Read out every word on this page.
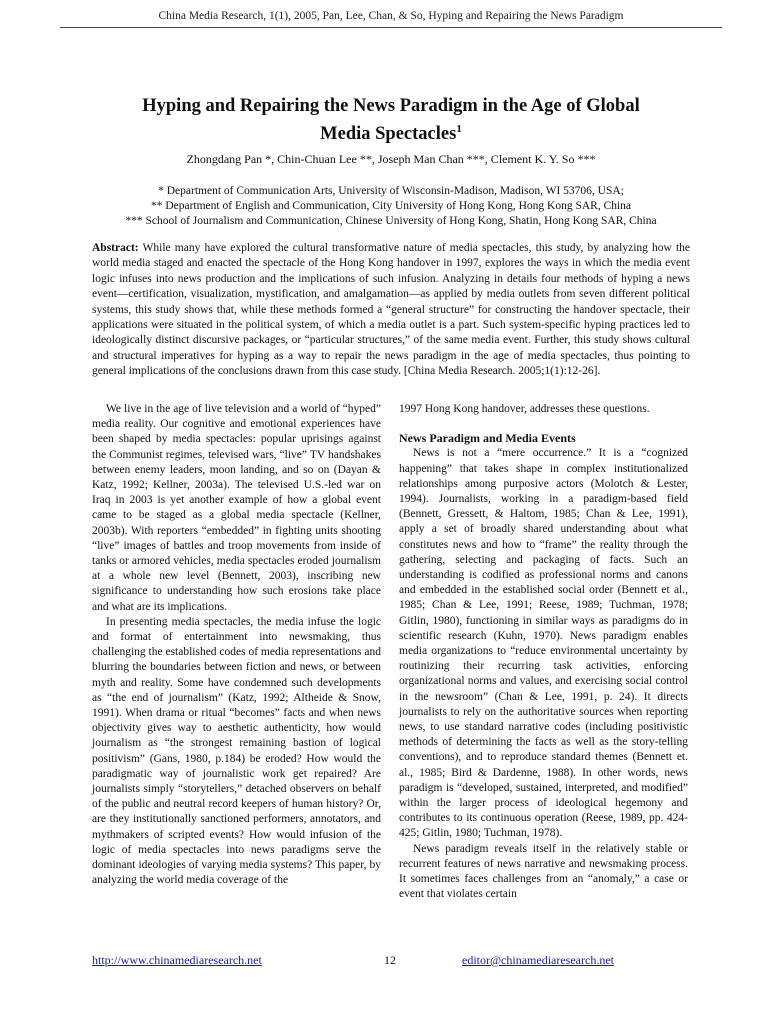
China Media Research, 1(1), 2005, Pan, Lee, Chan, & So, Hyping and Repairing the News Paradigm
Hyping and Repairing the News Paradigm in the Age of Global
Media Spectacles$^1$
Zhongdang Pan *, Chin-Chuan Lee **, Joseph Man Chan ***, Clement K. Y. So ***
* Department of Communication Arts, University of Wisconsin-Madison, Madison, WI 53706, USA;
** Department of English and Communication, City University of Hong Kong, Hong Kong SAR, China
*** School of Journalism and Communication, Chinese University of Hong Kong, Shatin, Hong Kong SAR, China
Abstract: While many have explored the cultural transformative nature of media spectacles, this study, by analyzing how the world media staged and enacted the spectacle of the Hong Kong handover in 1997, explores the ways in which the media event logic infuses into news production and the implications of such infusion. Analyzing in details four methods of hyping a news event—certification, visualization, mystification, and amalgamation—as applied by media outlets from seven different political systems, this study shows that, while these methods formed a “general structure” for constructing the handover spectacle, their applications were situated in the political system, of which a media outlet is a part. Such system-specific hyping practices led to ideologically distinct discursive packages, or “particular structures,” of the same media event. Further, this study shows cultural and structural imperatives for hyping as a way to repair the news paradigm in the age of media spectacles, thus pointing to general implications of the conclusions drawn from this case study. [China Media Research. 2005;1(1):12-26].

We live in the age of live television and a world of “hyped” media reality. Our cognitive and emotional experiences have been shaped by media spectacles: popular uprisings against the Communist regimes, televised wars, “live” TV handshakes between enemy leaders, moon landing, and so on (Dayan & Katz, 1992; Kellner, 2003a). The televised U.S.-led war on Iraq in 2003 is yet another example of how a global event came to be staged as a global media spectacle (Kellner, 2003b). With reporters “embedded” in fighting units shooting “live” images of battles and troop movements from inside of tanks or armored vehicles, media spectacles eroded journalism at a whole new level (Bennett, 2003), inscribing new significance to understanding how such erosions take place and what are its implications.

In presenting media spectacles, the media infuse the logic and format of entertainment into newsmaking, thus challenging the established codes of media representations and blurring the boundaries between fiction and news, or between myth and reality. Some have condemned such developments as “the end of journalism” (Katz, 1992; Altheide & Snow, 1991). When drama or ritual “becomes” facts and when news objectivity gives way to aesthetic authenticity, how would journalism as “the strongest remaining bastion of logical positivism” (Gans, 1980, p.184) be eroded? How would the paradigmatic way of journalistic work get repaired? Are journalists simply “storytellers,” detached observers on behalf of the public and neutral record keepers of human history? Or, are they institutionally sanctioned performers, annotators, and mythmakers of scripted events? How would infusion of the logic of media spectacles into news paradigms serve the dominant ideologies of varying media systems? This paper, by analyzing the world media coverage of the

1997 Hong Kong handover, addresses these questions.

News Paradigm and Media Events

News is not a “mere occurrence.” It is a “cognized happening” that takes shape in complex institutionalized relationships among purposive actors (Molotch & Lester, 1994). Journalists, working in a paradigm-based field (Bennett, Gressett, & Haltom, 1985; Chan & Lee, 1991), apply a set of broadly shared understanding about what constitutes news and how to “frame” the reality through the gathering, selecting and packaging of facts. Such an understanding is codified as professional norms and canons and embedded in the established social order (Bennett et al., 1985; Chan & Lee, 1991; Reese, 1989; Tuchman, 1978; Gitlin, 1980), functioning in similar ways as paradigms do in scientific research (Kuhn, 1970). News paradigm enables media organizations to “reduce environmental uncertainty by routinizing their recurring task activities, enforcing organizational norms and values, and exercising social control in the newsroom” (Chan & Lee, 1991, p. 24). It directs journalists to rely on the authoritative sources when reporting news, to use standard narrative codes (including positivistic methods of determining the facts as well as the story-telling conventions), and to reproduce standard themes (Bennett et. al., 1985; Bird & Dardenne, 1988). In other words, news paradigm is “developed, sustained, interpreted, and modified” within the larger process of ideological hegemony and contributes to its continuous operation (Reese, 1989, pp. 424-425; Gitlin, 1980; Tuchman, 1978).

News paradigm reveals itself in the relatively stable or recurrent features of news narrative and newsmaking process. It sometimes faces challenges from an “anomaly,” a case or event that violates certain

http://www.chinamediaresearch.net	12	editor@chinamediaresearch.net
